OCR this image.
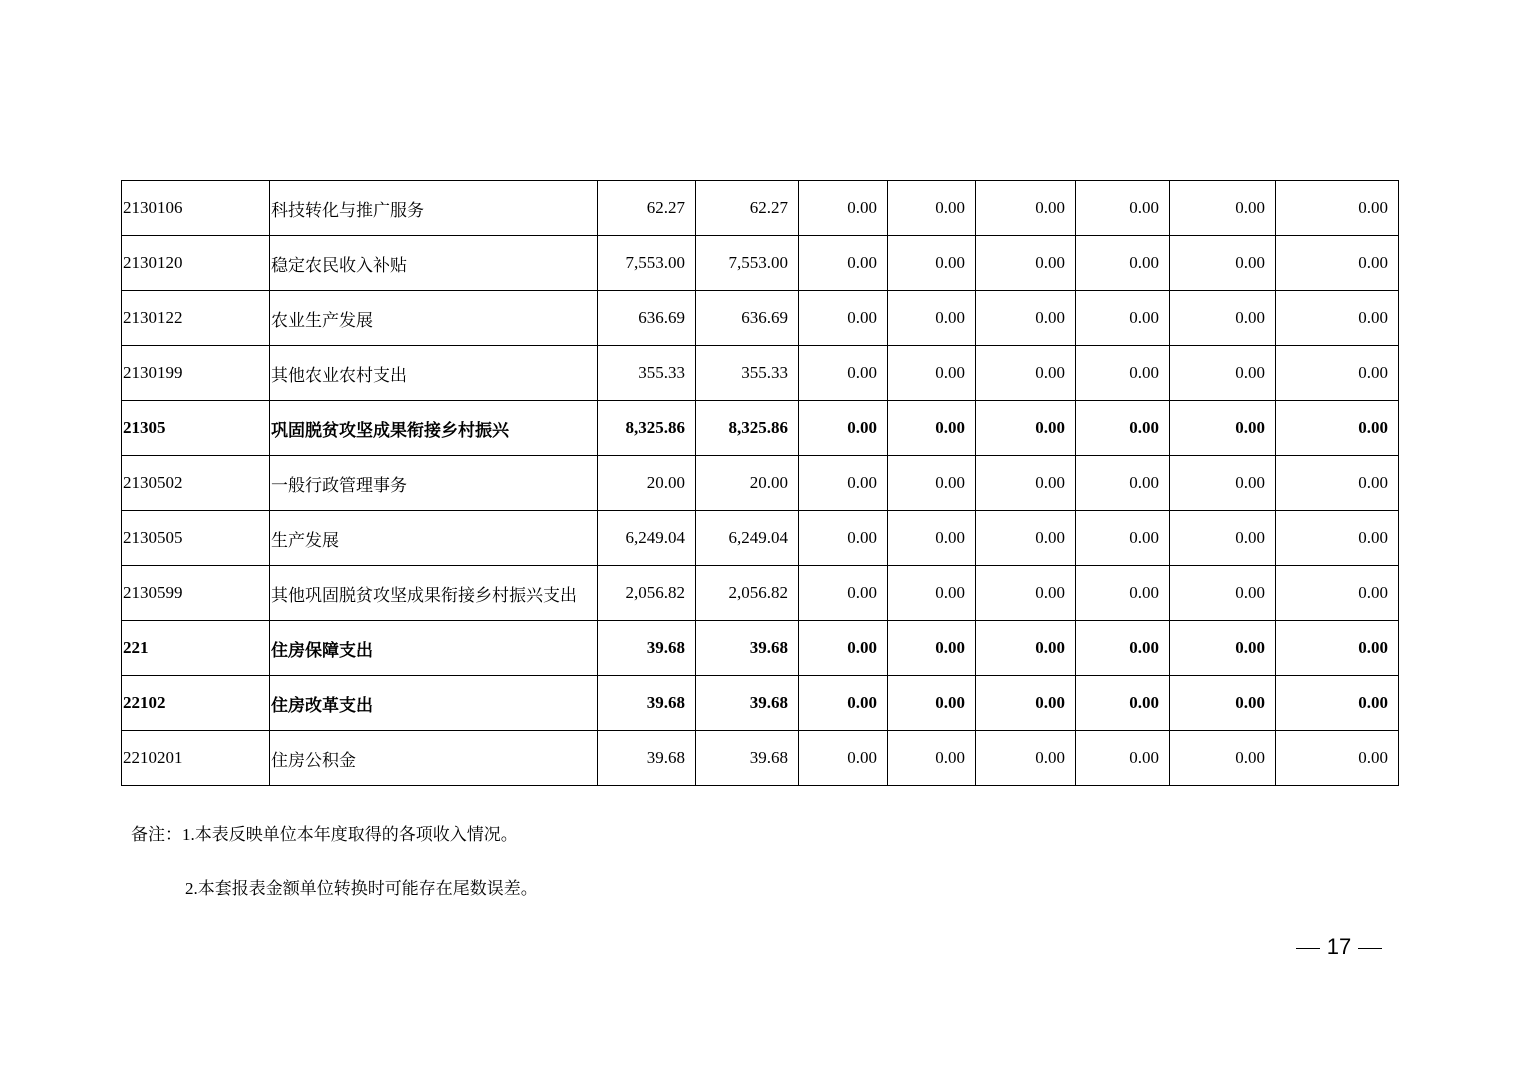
2130106	科技转化与推广服务	62.27	62.27	0.00	0.00	0.00	0.00	0.00	0.00
2130120	稳定农民收入补贴	7,553.00	7,553.00	0.00	0.00	0.00	0.00	0.00	0.00
2130122	农业生产发展	636.69	636.69	0.00	0.00	0.00	0.00	0.00	0.00
2130199	其他农业农村支出	355.33	355.33	0.00	0.00	0.00	0.00	0.00	0.00
21305	巩固脱贫攻坚成果衔接乡村振兴	8,325.86	8,325.86	0.00	0.00	0.00	0.00	0.00	0.00
2130502	一般行政管理事务	20.00	20.00	0.00	0.00	0.00	0.00	0.00	0.00
2130505	生产发展	6,249.04	6,249.04	0.00	0.00	0.00	0.00	0.00	0.00
2130599	其他巩固脱贫攻坚成果衔接乡村振兴支出	2,056.82	2,056.82	0.00	0.00	0.00	0.00	0.00	0.00
221	住房保障支出	39.68	39.68	0.00	0.00	0.00	0.00	0.00	0.00
22102	住房改革支出	39.68	39.68	0.00	0.00	0.00	0.00	0.00	0.00
2210201	住房公积金	39.68	39.68	0.00	0.00	0.00	0.00	0.00	0.00
备注：1.本表反映单位本年度取得的各项收入情况。
2.本套报表金额单位转换时可能存在尾数误差。
17
